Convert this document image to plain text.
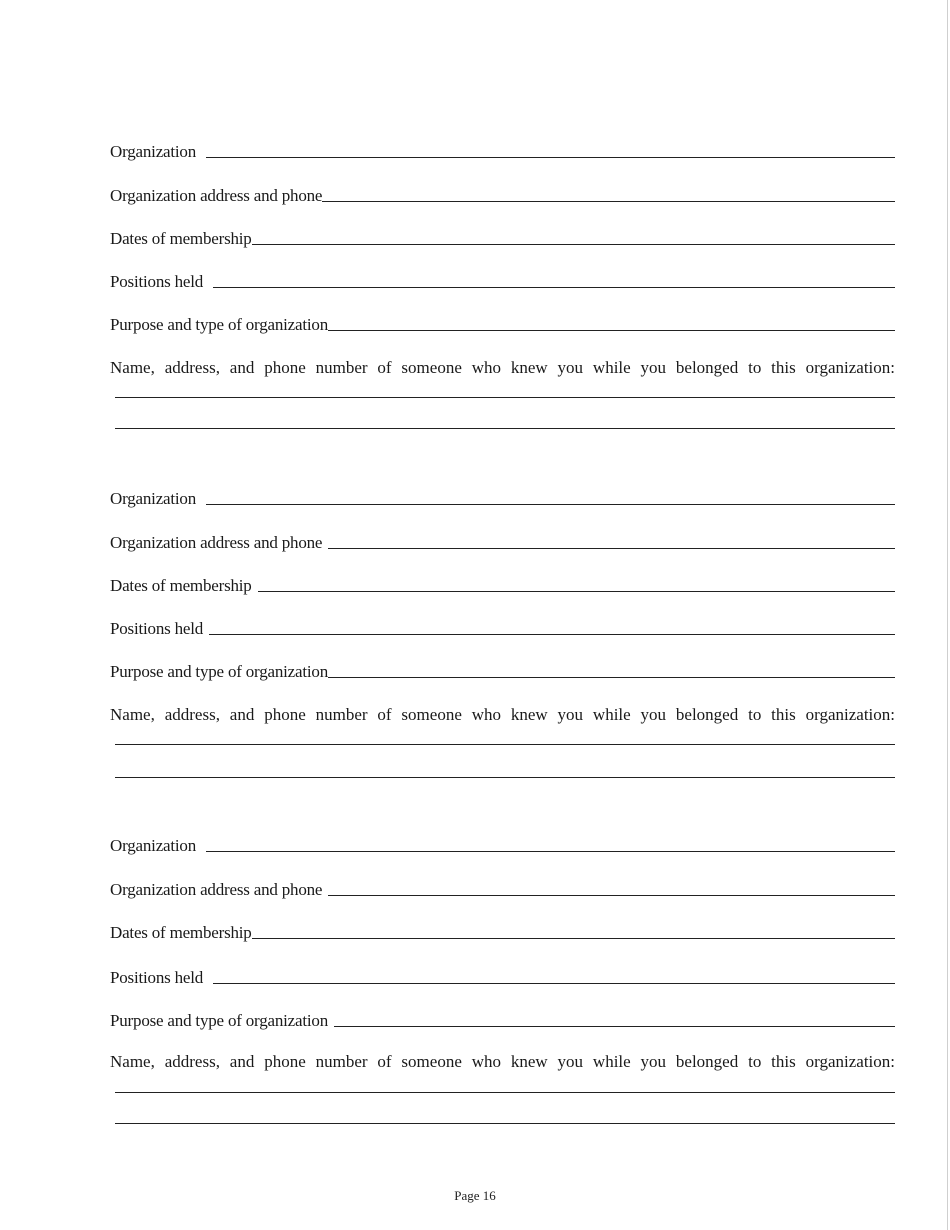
Organization
Organization address and phone
Dates of membership
Positions held
Purpose and type of organization
Name, address, and phone number of someone who knew you while you belonged to this organization:
Organization
Organization address and phone
Dates of membership
Positions held
Purpose and type of organization
Name, address, and phone number of someone who knew you while you belonged to this organization:
Organization
Organization address and phone
Dates of membership
Positions held
Purpose and type of organization
Name, address, and phone number of someone who knew you while you belonged to this organization:
Page 16
